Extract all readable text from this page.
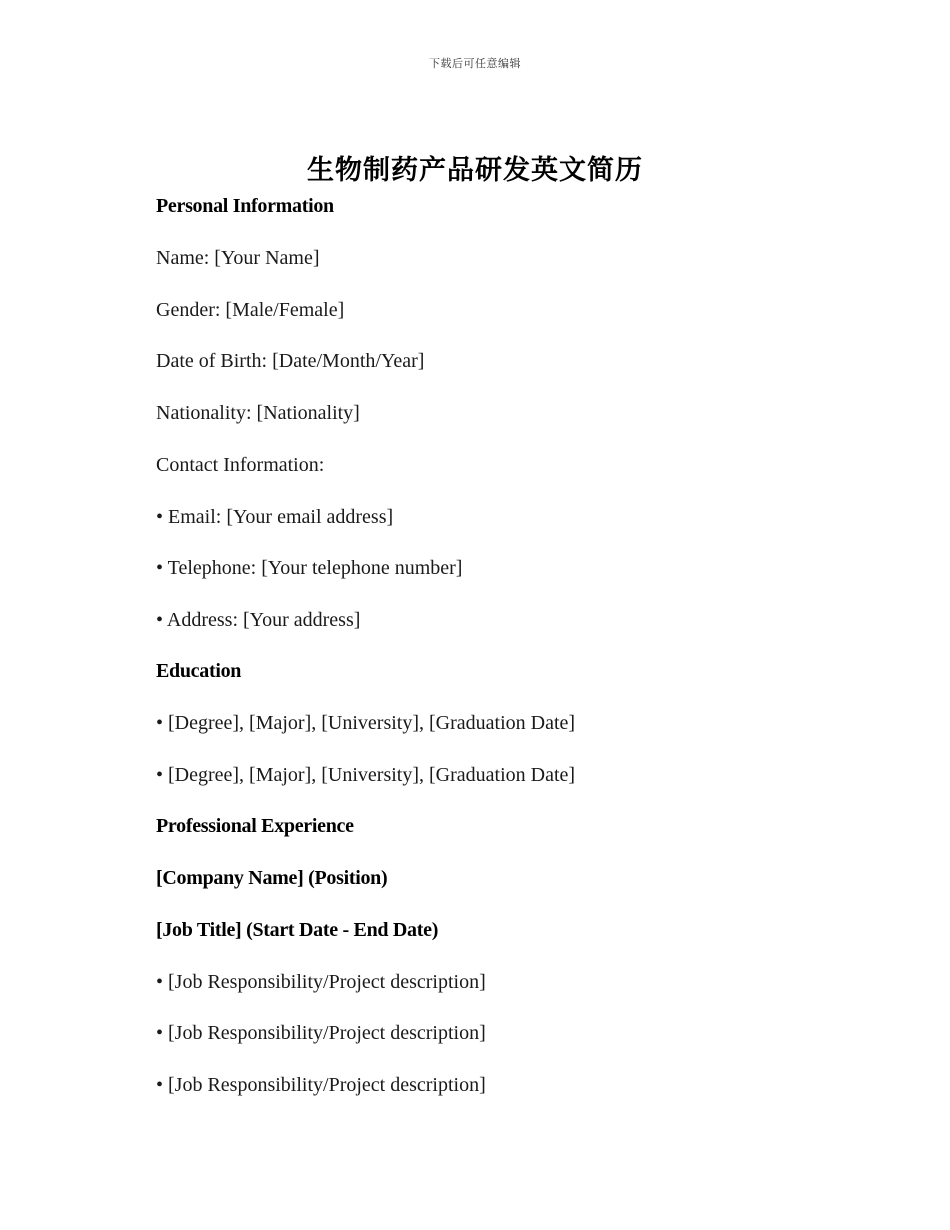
下载后可任意编辑
生物制药产品研发英文简历
Personal Information
Name: [Your Name]
Gender: [Male/Female]
Date of Birth: [Date/Month/Year]
Nationality: [Nationality]
Contact Information:
• Email: [Your email address]
• Telephone: [Your telephone number]
• Address: [Your address]
Education
• [Degree], [Major], [University], [Graduation Date]
• [Degree], [Major], [University], [Graduation Date]
Professional Experience
[Company Name] (Position)
[Job Title] (Start Date - End Date)
• [Job Responsibility/Project description]
• [Job Responsibility/Project description]
• [Job Responsibility/Project description]
